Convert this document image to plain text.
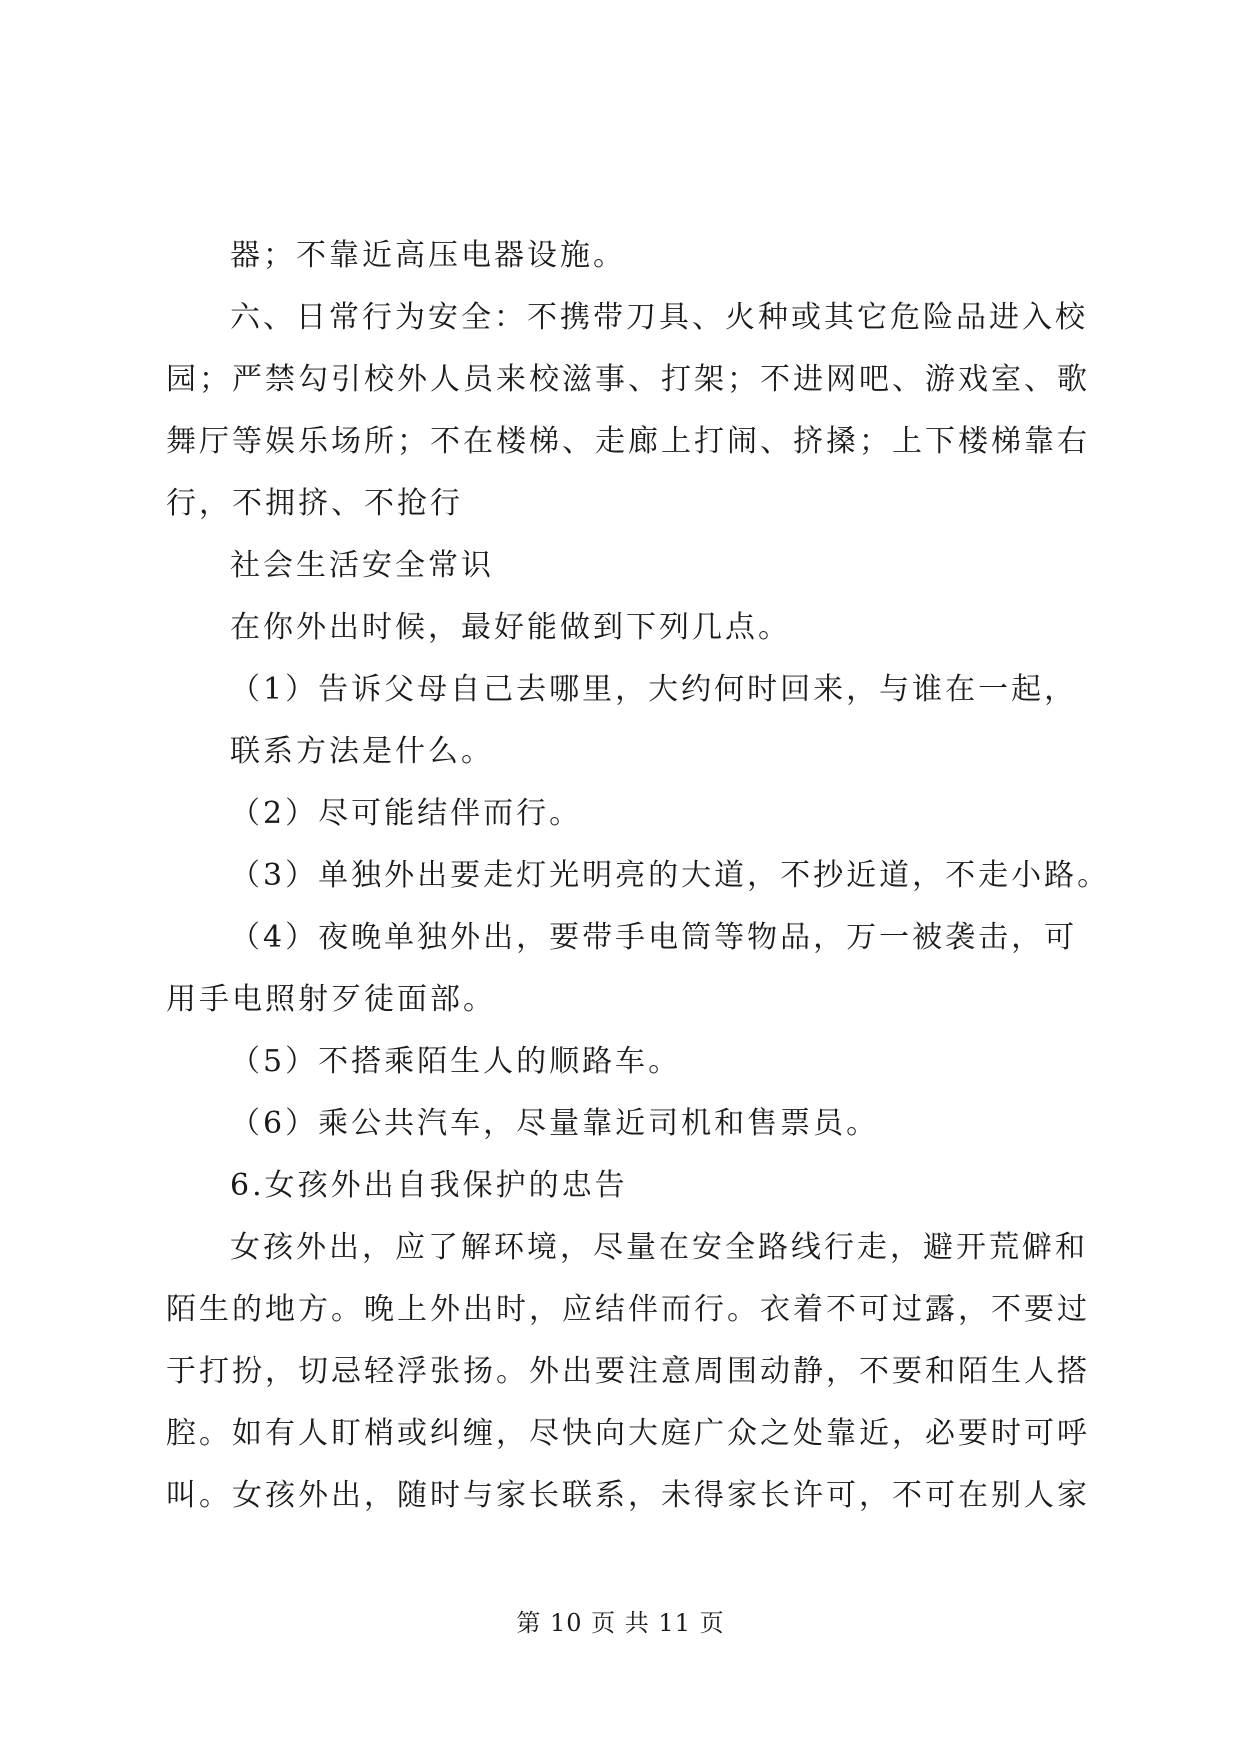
器；不靠近高压电器设施。
六、日常行为安全：不携带刀具、火种或其它危险品进入校
园；严禁勾引校外人员来校滋事、打架；不进网吧、游戏室、歌
舞厅等娱乐场所；不在楼梯、走廊上打闹、挤搡；上下楼梯靠右
行，不拥挤、不抢行
社会生活安全常识
在你外出时候，最好能做到下列几点。
（1）告诉父母自己去哪里，大约何时回来，与谁在一起，
联系方法是什么。
（2）尽可能结伴而行。
（3）单独外出要走灯光明亮的大道，不抄近道，不走小路。
（4）夜晚单独外出，要带手电筒等物品，万一被袭击，可
用手电照射歹徒面部。
（5）不搭乘陌生人的顺路车。
（6）乘公共汽车，尽量靠近司机和售票员。
6.女孩外出自我保护的忠告
女孩外出，应了解环境，尽量在安全路线行走，避开荒僻和
陌生的地方。晚上外出时，应结伴而行。衣着不可过露，不要过
于打扮，切忌轻浮张扬。外出要注意周围动静，不要和陌生人搭
腔。如有人盯梢或纠缠，尽快向大庭广众之处靠近，必要时可呼
叫。女孩外出，随时与家长联系，未得家长许可，不可在别人家
第 10 页 共 11 页
